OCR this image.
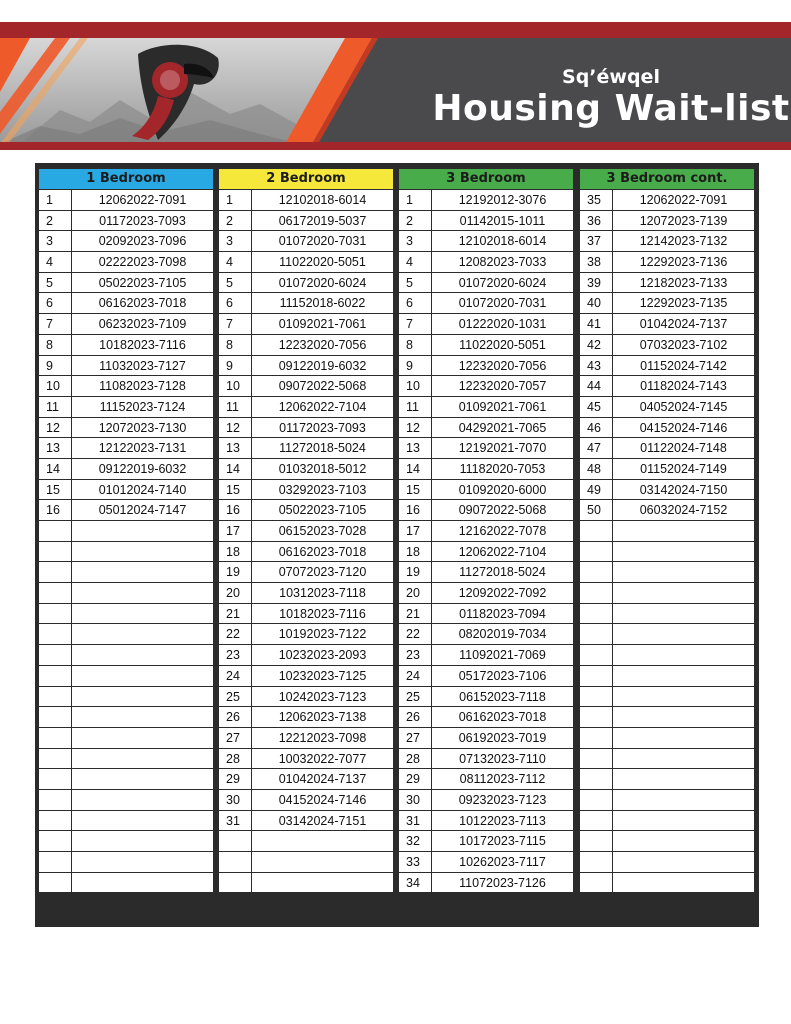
Sq’éwqel
Housing Wait-list
1 Bedroom
1	12062022-7091
2	01172023-7093
3	02092023-7096
4	02222023-7098
5	05022023-7105
6	06162023-7018
7	06232023-7109
8	10182023-7116
9	11032023-7127
10	11082023-7128
11	11152023-7124
12	12072023-7130
13	12122023-7131
14	09122019-6032
15	01012024-7140
16	05012024-7147
2 Bedroom
1	12102018-6014
2	06172019-5037
3	01072020-7031
4	11022020-5051
5	01072020-6024
6	11152018-6022
7	01092021-7061
8	12232020-7056
9	09122019-6032
10	09072022-5068
11	12062022-7104
12	01172023-7093
13	11272018-5024
14	01032018-5012
15	03292023-7103
16	05022023-7105
17	06152023-7028
18	06162023-7018
19	07072023-7120
20	10312023-7118
21	10182023-7116
22	10192023-7122
23	10232023-2093
24	10232023-7125
25	10242023-7123
26	12062023-7138
27	12212023-7098
28	10032022-7077
29	01042024-7137
30	04152024-7146
31	03142024-7151
3 Bedroom
1	12192012-3076
2	01142015-1011
3	12102018-6014
4	12082023-7033
5	01072020-6024
6	01072020-7031
7	01222020-1031
8	11022020-5051
9	12232020-7056
10	12232020-7057
11	01092021-7061
12	04292021-7065
13	12192021-7070
14	11182020-7053
15	01092020-6000
16	09072022-5068
17	12162022-7078
18	12062022-7104
19	11272018-5024
20	12092022-7092
21	01182023-7094
22	08202019-7034
23	11092021-7069
24	05172023-7106
25	06152023-7118
26	06162023-7018
27	06192023-7019
28	07132023-7110
29	08112023-7112
30	09232023-7123
31	10122023-7113
32	10172023-7115
33	10262023-7117
34	11072023-7126
3 Bedroom cont.
35	12062022-7091
36	12072023-7139
37	12142023-7132
38	12292023-7136
39	12182023-7133
40	12292023-7135
41	01042024-7137
42	07032023-7102
43	01152024-7142
44	01182024-7143
45	04052024-7145
46	04152024-7146
47	01122024-7148
48	01152024-7149
49	03142024-7150
50	06032024-7152
